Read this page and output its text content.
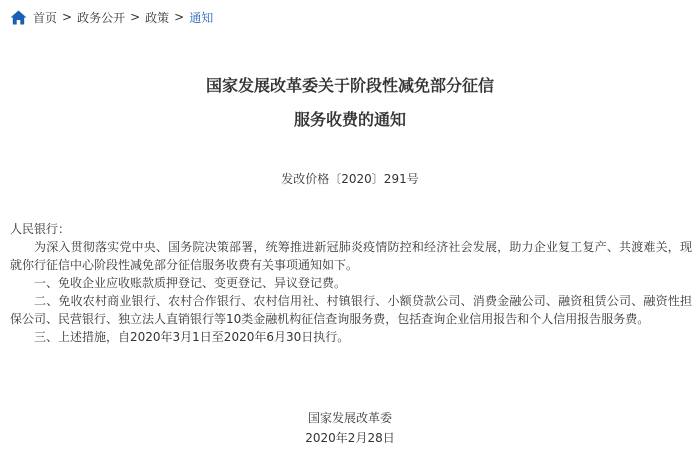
首页 > 政务公开 > 政策 > 通知
国家发展改革委关于阶段性减免部分征信
服务收费的通知
发改价格〔2020〕291号

人民银行：

为深入贯彻落实党中央、国务院决策部署，统筹推进新冠肺炎疫情防控和经济社会发展，助力企业复工复产、共渡难关，现就你行征信中心阶段性减免部分征信服务收费有关事项通知如下。

一、免收企业应收账款质押登记、变更登记、异议登记费。

二、免收农村商业银行、农村合作银行、农村信用社、村镇银行、小额贷款公司、消费金融公司、融资租赁公司、融资性担保公司、民营银行、独立法人直销银行等10类金融机构征信查询服务费，包括查询企业信用报告和个人信用报告服务费。

三、上述措施，自2020年3月1日至2020年6月30日执行。

国家发展改革委
2020年2月28日
